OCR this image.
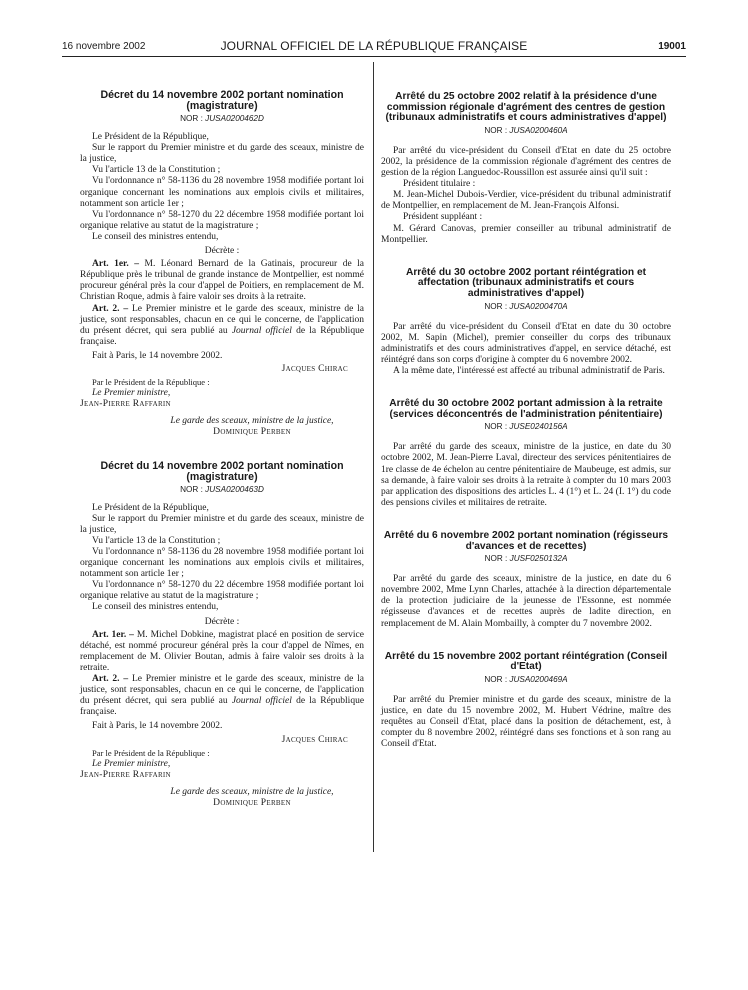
16 novembre 2002	JOURNAL OFFICIEL DE LA RÉPUBLIQUE FRANÇAISE	19001
Décret du 14 novembre 2002 portant nomination (magistrature)
NOR : JUSA0200462D

Le Président de la République,

Sur le rapport du Premier ministre et du garde des sceaux, ministre de la justice,

Vu l'article 13 de la Constitution ;

Vu l'ordonnance n° 58-1136 du 28 novembre 1958 modifiée portant loi organique concernant les nominations aux emplois civils et militaires, notamment son article 1er ;

Vu l'ordonnance n° 58-1270 du 22 décembre 1958 modifiée portant loi organique relative au statut de la magistrature ;

Le conseil des ministres entendu,

Décrète :

Art. 1er. – M. Léonard Bernard de la Gatinais, procureur de la République près le tribunal de grande instance de Montpellier, est nommé procureur général près la cour d'appel de Poitiers, en remplacement de M. Christian Roque, admis à faire valoir ses droits à la retraite.

Art. 2. – Le Premier ministre et le garde des sceaux, ministre de la justice, sont responsables, chacun en ce qui le concerne, de l'application du présent décret, qui sera publié au Journal officiel de la République française.

Fait à Paris, le 14 novembre 2002.

Jacques Chirac

Par le Président de la République :

Le Premier ministre,

Jean-Pierre Raffarin

Le garde des sceaux, ministre de la justice,

Dominique Perben

Décret du 14 novembre 2002 portant nomination (magistrature)
NOR : JUSA0200463D

Le Président de la République,

Sur le rapport du Premier ministre et du garde des sceaux, ministre de la justice,

Vu l'article 13 de la Constitution ;

Vu l'ordonnance n° 58-1136 du 28 novembre 1958 modifiée portant loi organique concernant les nominations aux emplois civils et militaires, notamment son article 1er ;

Vu l'ordonnance n° 58-1270 du 22 décembre 1958 modifiée portant loi organique relative au statut de la magistrature ;

Le conseil des ministres entendu,

Décrète :

Art. 1er. – M. Michel Dobkine, magistrat placé en position de service détaché, est nommé procureur général près la cour d'appel de Nîmes, en remplacement de M. Olivier Boutan, admis à faire valoir ses droits à la retraite.

Art. 2. – Le Premier ministre et le garde des sceaux, ministre de la justice, sont responsables, chacun en ce qui le concerne, de l'application du présent décret, qui sera publié au Journal officiel de la République française.

Fait à Paris, le 14 novembre 2002.

Jacques Chirac

Par le Président de la République :

Le Premier ministre,

Jean-Pierre Raffarin

Le garde des sceaux, ministre de la justice,

Dominique Perben

Arrêté du 25 octobre 2002 relatif à la présidence d'une commission régionale d'agrément des centres de gestion (tribunaux administratifs et cours administratives d'appel)
NOR : JUSA0200460A

Par arrêté du vice-président du Conseil d'Etat en date du 25 octobre 2002, la présidence de la commission régionale d'agrément des centres de gestion de la région Languedoc-Roussillon est assurée ainsi qu'il suit :

Président titulaire :

M. Jean-Michel Dubois-Verdier, vice-président du tribunal administratif de Montpellier, en remplacement de M. Jean-François Alfonsi.

Président suppléant :

M. Gérard Canovas, premier conseiller au tribunal administratif de Montpellier.

Arrêté du 30 octobre 2002 portant réintégration et affectation (tribunaux administratifs et cours administratives d'appel)
NOR : JUSA0200470A

Par arrêté du vice-président du Conseil d'Etat en date du 30 octobre 2002, M. Sapin (Michel), premier conseiller du corps des tribunaux administratifs et des cours administratives d'appel, en service détaché, est réintégré dans son corps d'origine à compter du 6 novembre 2002.

A la même date, l'intéressé est affecté au tribunal administratif de Paris.

Arrêté du 30 octobre 2002 portant admission à la retraite (services déconcentrés de l'administration pénitentiaire)
NOR : JUSE0240156A

Par arrêté du garde des sceaux, ministre de la justice, en date du 30 octobre 2002, M. Jean-Pierre Laval, directeur des services pénitentiaires de 1re classe de 4e échelon au centre pénitentiaire de Maubeuge, est admis, sur sa demande, à faire valoir ses droits à la retraite à compter du 10 mars 2003 par application des dispositions des articles L. 4 (1°) et L. 24 (I. 1°) du code des pensions civiles et militaires de retraite.

Arrêté du 6 novembre 2002 portant nomination (régisseurs d'avances et de recettes)
NOR : JUSF0250132A

Par arrêté du garde des sceaux, ministre de la justice, en date du 6 novembre 2002, Mme Lynn Charles, attachée à la direction départementale de la protection judiciaire de la jeunesse de l'Essonne, est nommée régisseuse d'avances et de recettes auprès de ladite direction, en remplacement de M. Alain Mombailly, à compter du 7 novembre 2002.

Arrêté du 15 novembre 2002 portant réintégration (Conseil d'Etat)
NOR : JUSA0200469A

Par arrêté du Premier ministre et du garde des sceaux, ministre de la justice, en date du 15 novembre 2002, M. Hubert Védrine, maître des requêtes au Conseil d'Etat, placé dans la position de détachement, est, à compter du 8 novembre 2002, réintégré dans ses fonctions et à son rang au Conseil d'Etat.
